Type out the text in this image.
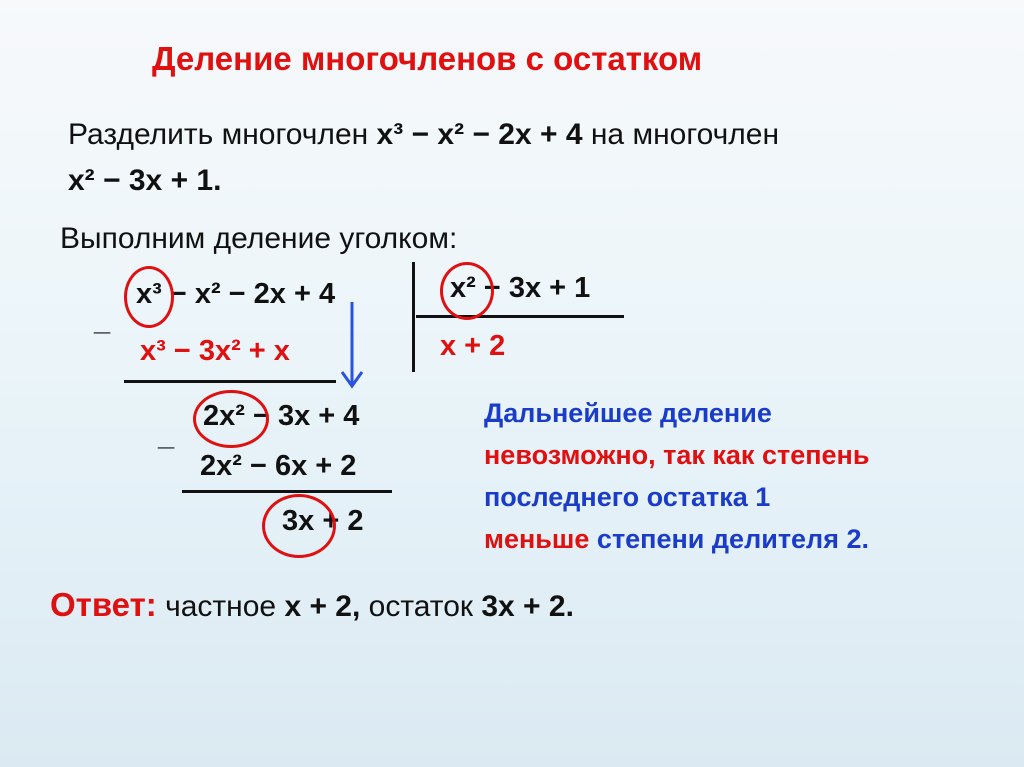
Деление многочленов с остатком
Разделить многочлен х³ − х² − 2х + 4 на многочлен
х² − 3х + 1.
Выполним деление уголком:
х³ − х² − 2х + 4
_
х³ − 3х² + х
х² − 3х + 1
х + 2
2х² − 3х + 4
_
2х² − 6х + 2
3х + 2
Дальнейшее деление
невозможно, так как степень
последнего остатка 1
меньше степени делителя 2.
Ответ: частное х + 2, остаток 3х + 2.
